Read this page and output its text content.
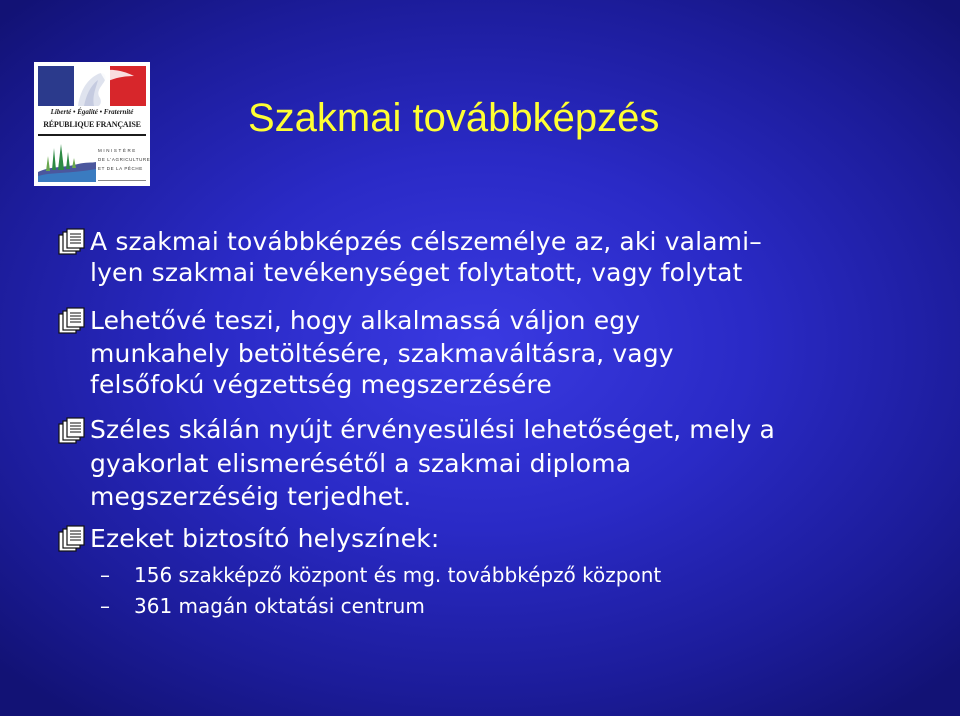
Liberté • Égalité • Fraternité
RÉPUBLIQUE FRANÇAISE
MINISTÈRE
DE L'AGRICULTURE
ET DE LA PÊCHE
Szakmai továbbképzés

A szakmai továbbképzés célszemélye az, aki valami–

lyen szakmai tevékenységet folytatott, vagy folytat

Lehetővé teszi, hogy alkalmassá váljon egy

munkahely betöltésére, szakmaváltásra, vagy

felsőfokú végzettség megszerzésére

Széles skálán nyújt érvényesülési lehetőséget, mely a

gyakorlat elismerésétől a szakmai diploma

megszerzéséig terjedhet.

Ezeket biztosító helyszínek:

– 156 szakképző központ és mg. továbbképző központ

– 361 magán oktatási centrum
